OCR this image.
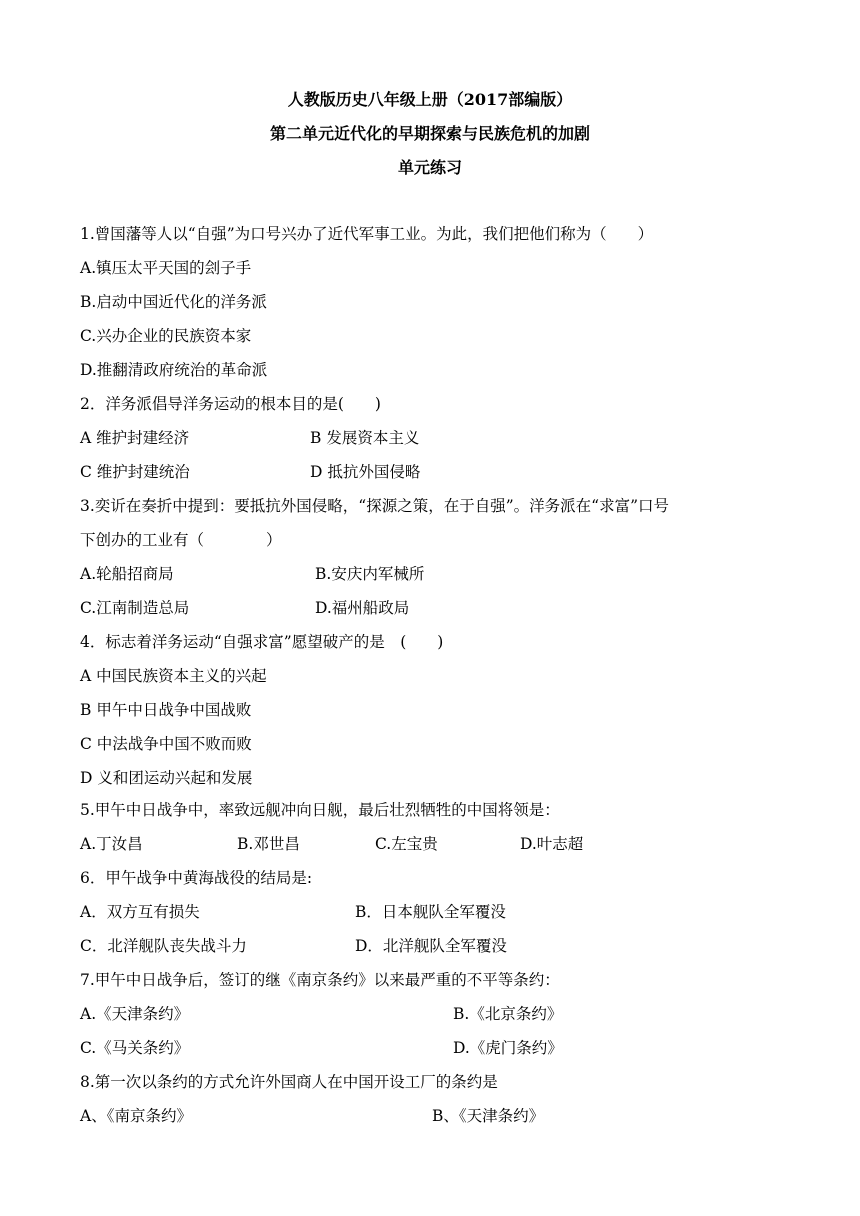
人教版历史八年级上册（2017部编版）
第二单元近代化的早期探索与民族危机的加剧
单元练习
1.曾国藩等人以“自强”为口号兴办了近代军事工业。为此，我们把他们称为（　　）
A.镇压太平天国的刽子手
B.启动中国近代化的洋务派
C.兴办企业的民族资本家
D.推翻清政府统治的革命派
2．洋务派倡导洋务运动的根本目的是(　　)
A 维护封建经济	B 发展资本主义
C 维护封建统治	D 抵抗外国侵略
3.奕䜣在奏折中提到：要抵抗外国侵略，“探源之策，在于自强”。洋务派在“求富”口号
下创办的工业有（　　　　）
A.轮船招商局	B.安庆内军械所
C.江南制造总局	D.福州船政局
4．标志着洋务运动“自强求富”愿望破产的是　(　　)
A 中国民族资本主义的兴起
B 甲午中日战争中国战败
C 中法战争中国不败而败
D 义和团运动兴起和发展
5.甲午中日战争中，率致远舰冲向日舰，最后壮烈牺牲的中国将领是：
A.丁汝昌	B.邓世昌	C.左宝贵	D.叶志超
6．甲午战争中黄海战役的结局是:
A．双方互有损失	B．日本舰队全军覆没
C．北洋舰队丧失战斗力	D．北洋舰队全军覆没
7.甲午中日战争后，签订的继《南京条约》以来最严重的不平等条约：
A.《天津条约》	B.《北京条约》
C.《马关条约》	D.《虎门条约》
8.第一次以条约的方式允许外国商人在中国开设工厂的条约是
A、《南京条约》	B、《天津条约》
